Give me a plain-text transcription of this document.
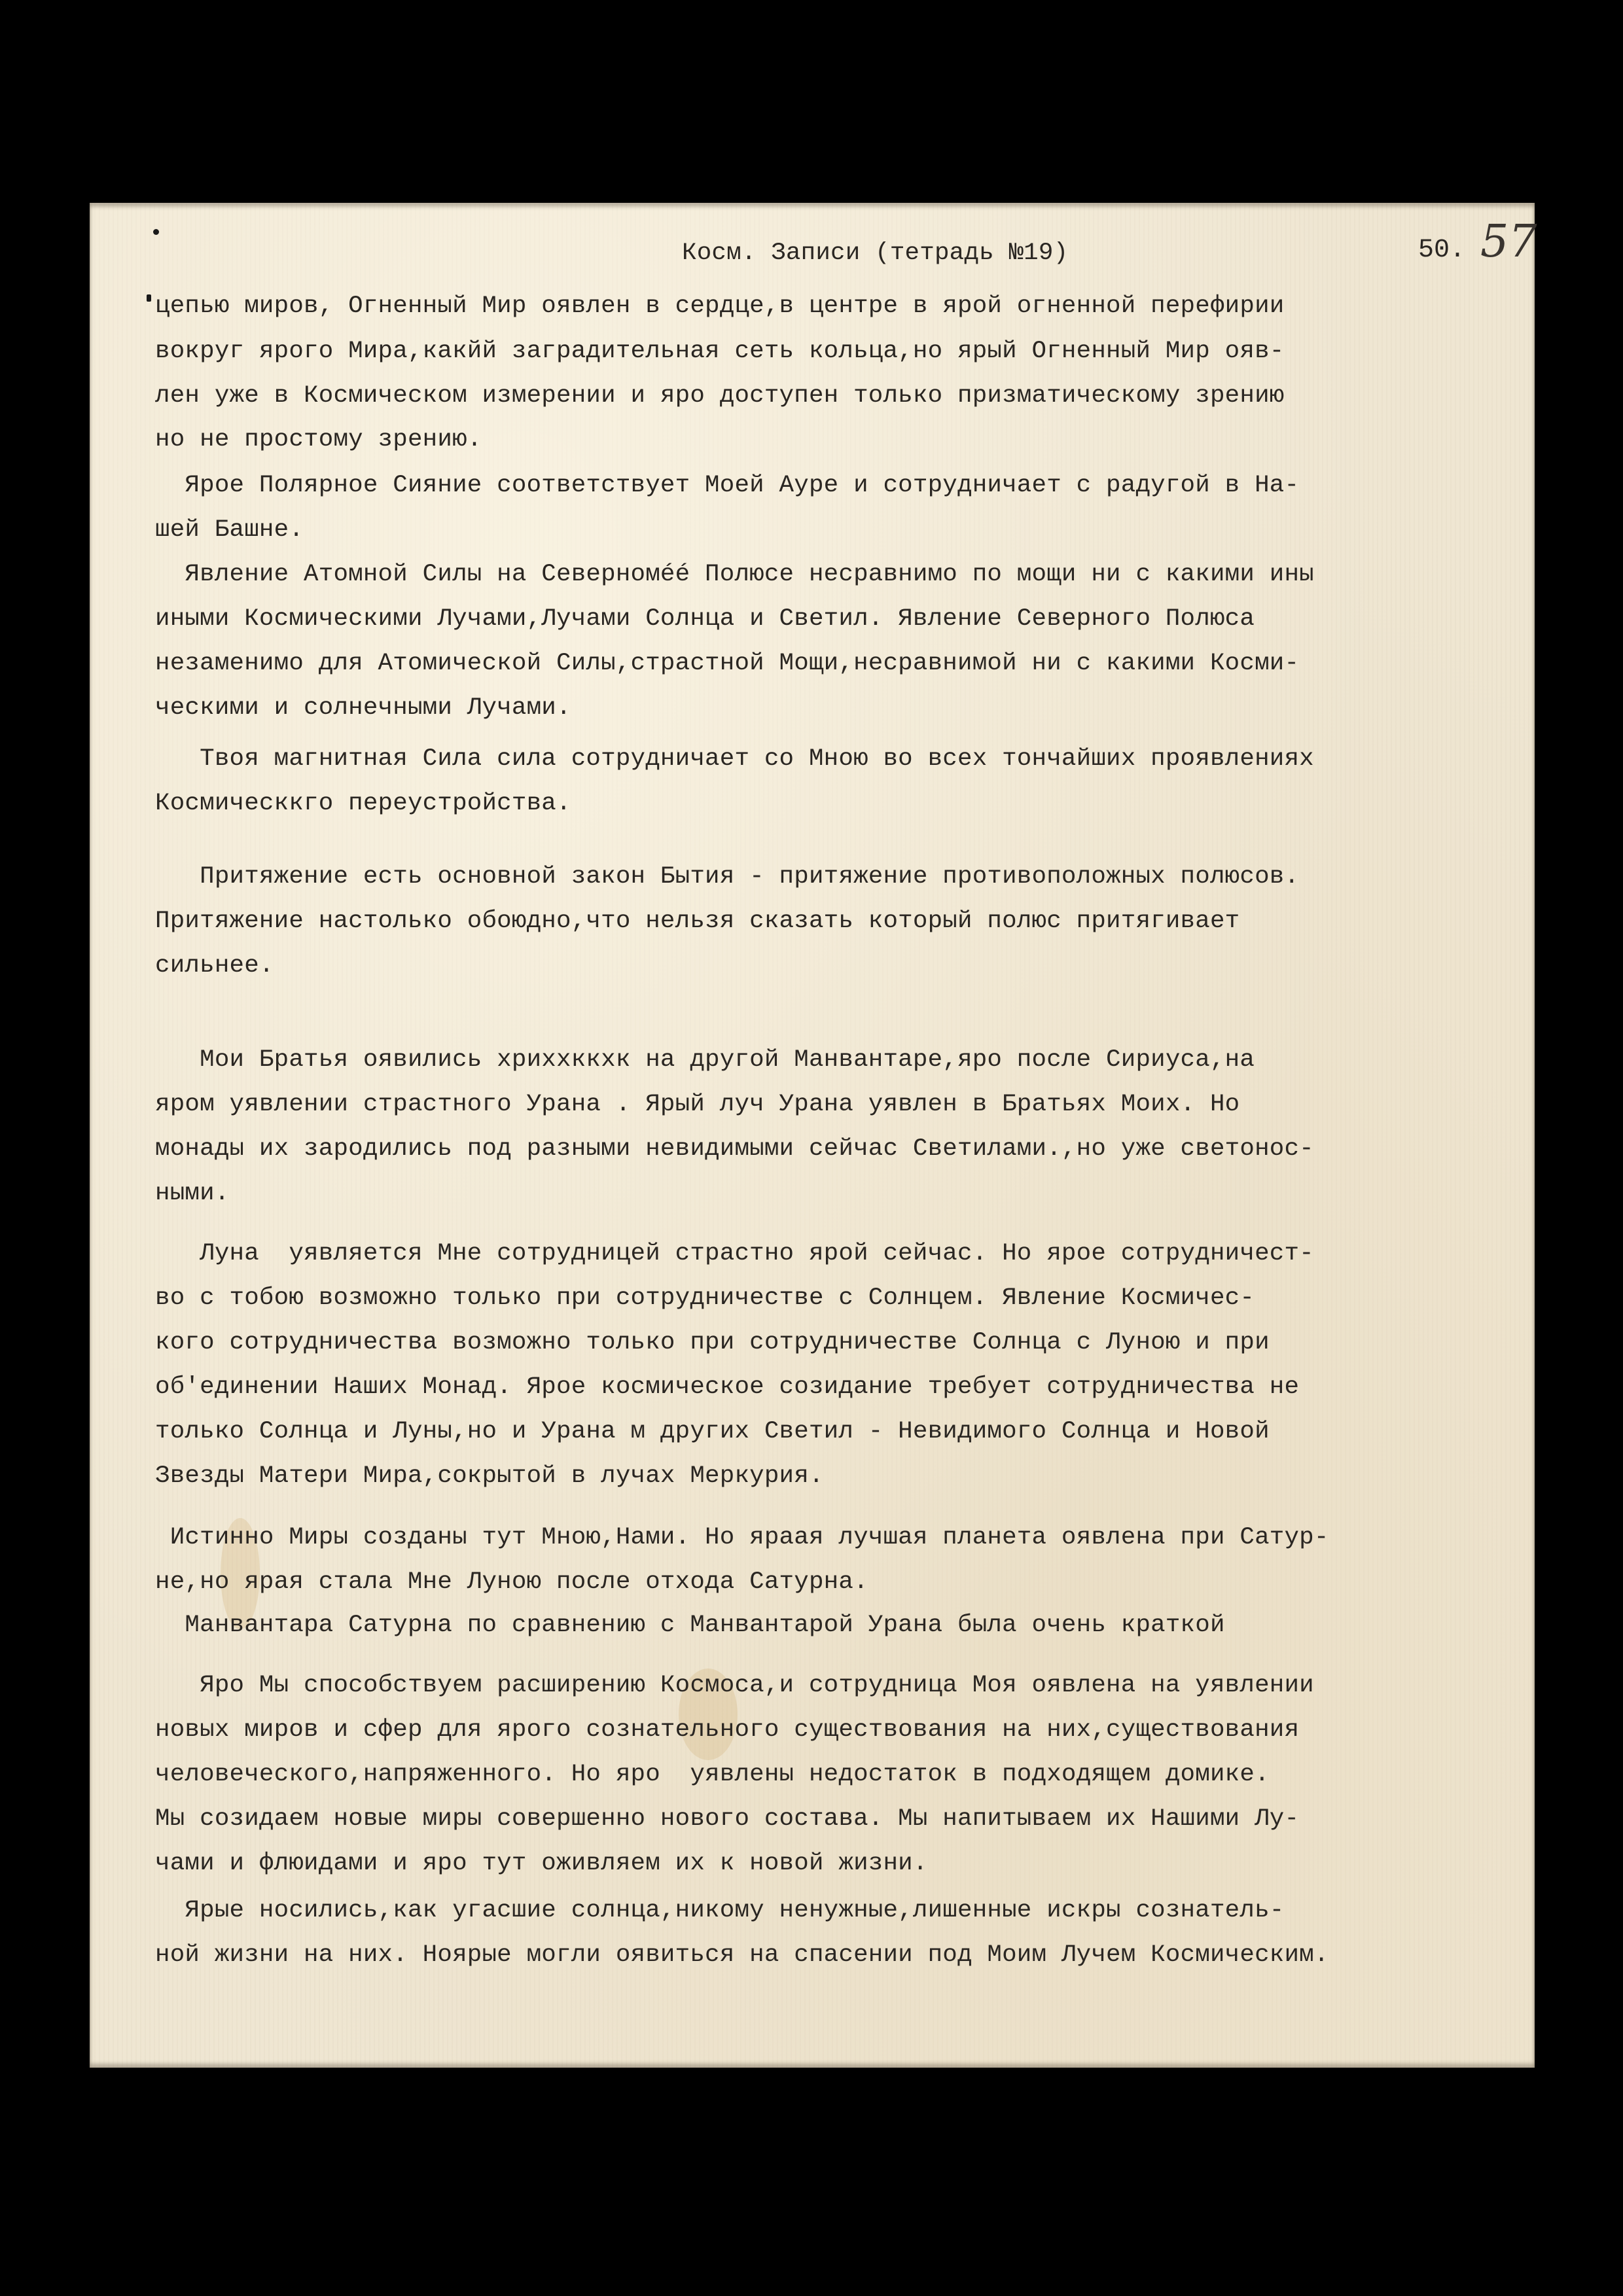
Косм. Записи (тетрадь №19)	50. 57
цепью миров, Огненный Мир оявлен в сердце,в центре в ярой огненной перефирии
вокруг ярого Мира,какйй заградительная сеть кольца,но ярый Огненный Мир ояв-
лен уже в Космическом измерении и яро доступен только призматическому зрению
но не простому зрению.
Ярое Полярное Сияние соответствует Моей Ауре и сотрудничает с радугой в На-
шей Башне.
Явление Атомной Силы на Северномéé Полюсе несравнимо по мощи ни с какими ины
иными Космическими Лучами,Лучами Солнца и Светил. Явление Северного Полюса
незаменимо для Атомической Силы,страстной Мощи,несравнимой ни с какими Косми-
ческими и солнечными Лучами.
Твоя магнитная Сила сила сотрудничает со Мною во всех тончайших проявлениях
Космическкго переустройства.
Притяжение есть основной закон Бытия - притяжение противоположных полюсов.
Притяжение настолько обоюдно,что нельзя сказать который полюс притягивает
сильнее.
Мои Братья оявились хриххккхк на другой Манвантаре,яро после Сириуса,на
яром уявлении страстного Урана . Ярый луч Урана уявлен в Братьях Моих. Но
монады их зародились под разными невидимыми сейчас Светилами.,но уже светонос-
ными.
Луна  уявляется Мне сотрудницей страстно ярой сейчас. Но ярое сотрудничест-
во с тобою возможно только при сотрудничестве с Солнцем. Явление Космичес-
кого сотрудничества возможно только при сотрудничестве Солнца с Луною и при
об'единении Наших Монад. Ярое космическое созидание требует сотрудничества не
только Солнца и Луны,но и Урана м других Светил - Невидимого Солнца и Новой
Звезды Матери Мира,сокрытой в лучах Меркурия.
Истинно Миры созданы тут Мною,Нами. Но яраая лучшая планета оявлена при Сатур-
не,но ярая стала Мне Луною после отхода Сатурна.
Манвантара Сатурна по сравнению с Манвантарой Урана была очень краткой
Яро Мы способствуем расширению Космоса,и сотрудница Моя оявлена на уявлении
новых миров и сфер для ярого сознательного существования на них,существования
человеческого,напряженного. Но яро  уявлены недостаток в подходящем домике.
Мы созидаем новые миры совершенно нового состава. Мы напитываем их Нашими Лу-
чами и флюидами и яро тут оживляем их к новой жизни.
Ярые носились,как угасшие солнца,никому ненужные,лишенные искры сознатель-
ной жизни на них. Ноярые могли оявиться на спасении под Моим Лучем Космическим.
